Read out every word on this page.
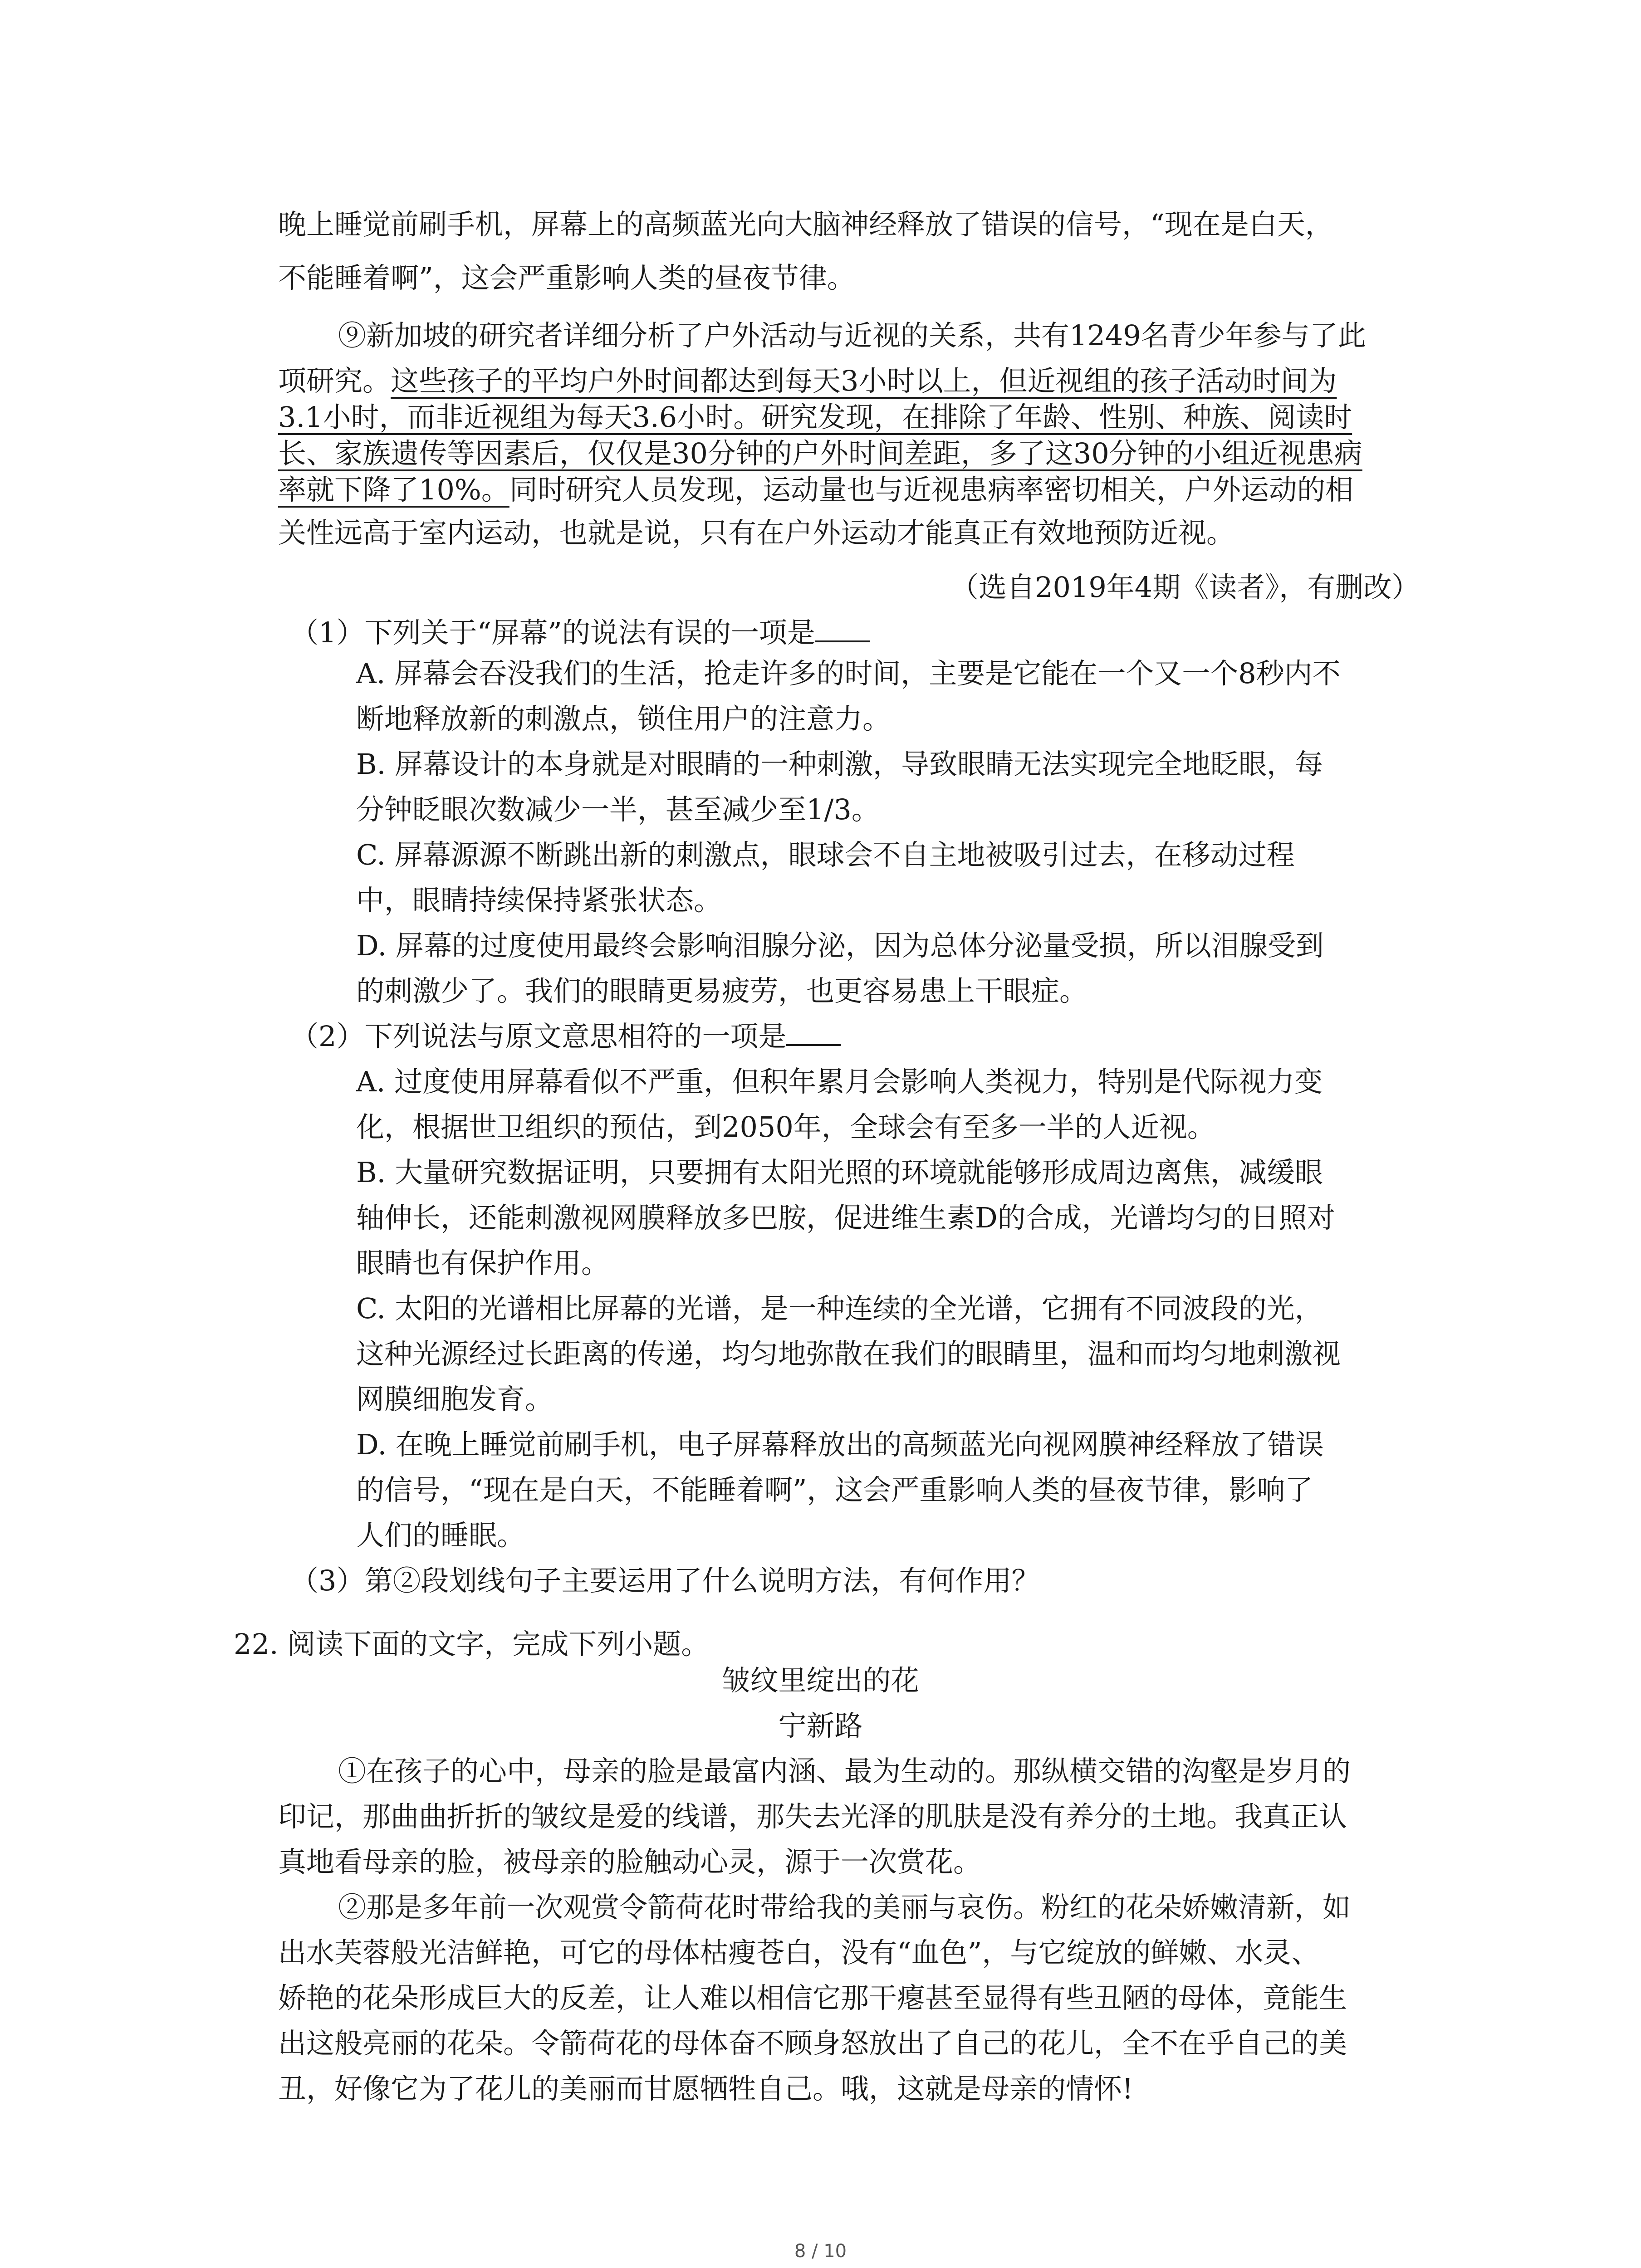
晚上睡觉前刷手机，屏幕上的高频蓝光向大脑神经释放了错误的信号，“现在是白天，
不能睡着啊”，这会严重影响人类的昼夜节律。
⑨新加坡的研究者详细分析了户外活动与近视的关系，共有1249名青少年参与了此
项研究。这些孩子的平均户外时间都达到每天3小时以上，但近视组的孩子活动时间为
3.1小时，而非近视组为每天3.6小时。研究发现，在排除了年龄、性别、种族、阅读时
长、家族遗传等因素后，仅仅是30分钟的户外时间差距，多了这30分钟的小组近视患病
率就下降了10%。同时研究人员发现，运动量也与近视患病率密切相关，户外运动的相
关性远高于室内运动，也就是说，只有在户外运动才能真正有效地预防近视。
（选自2019年4期《读者》，有删改）
（1）下列关于“屏幕”的说法有误的一项是
A. 屏幕会吞没我们的生活，抢走许多的时间，主要是它能在一个又一个8秒内不
断地释放新的刺激点，锁住用户的注意力。
B. 屏幕设计的本身就是对眼睛的一种刺激，导致眼睛无法实现完全地眨眼，每
分钟眨眼次数减少一半，甚至减少至1/3。
C. 屏幕源源不断跳出新的刺激点，眼球会不自主地被吸引过去，在移动过程
中，眼睛持续保持紧张状态。
D. 屏幕的过度使用最终会影响泪腺分泌，因为总体分泌量受损，所以泪腺受到
的刺激少了。我们的眼睛更易疲劳，也更容易患上干眼症。
（2）下列说法与原文意思相符的一项是
A. 过度使用屏幕看似不严重，但积年累月会影响人类视力，特别是代际视力变
化，根据世卫组织的预估，到2050年，全球会有至多一半的人近视。
B. 大量研究数据证明，只要拥有太阳光照的环境就能够形成周边离焦，减缓眼
轴伸长，还能刺激视网膜释放多巴胺，促进维生素D的合成，光谱均匀的日照对
眼睛也有保护作用。
C. 太阳的光谱相比屏幕的光谱，是一种连续的全光谱，它拥有不同波段的光，
这种光源经过长距离的传递，均匀地弥散在我们的眼睛里，温和而均匀地刺激视
网膜细胞发育。
D. 在晚上睡觉前刷手机，电子屏幕释放出的高频蓝光向视网膜神经释放了错误
的信号，“现在是白天，不能睡着啊”，这会严重影响人类的昼夜节律，影响了
人们的睡眠。
（3）第②段划线句子主要运用了什么说明方法，有何作用？
22. 阅读下面的文字，完成下列小题。
皱纹里绽出的花
宁新路
①在孩子的心中，母亲的脸是最富内涵、最为生动的。那纵横交错的沟壑是岁月的
印记，那曲曲折折的皱纹是爱的线谱，那失去光泽的肌肤是没有养分的土地。我真正认
真地看母亲的脸，被母亲的脸触动心灵，源于一次赏花。
②那是多年前一次观赏令箭荷花时带给我的美丽与哀伤。粉红的花朵娇嫩清新，如
出水芙蓉般光洁鲜艳，可它的母体枯瘦苍白，没有“血色”，与它绽放的鲜嫩、水灵、
娇艳的花朵形成巨大的反差，让人难以相信它那干瘪甚至显得有些丑陋的母体，竟能生
出这般亮丽的花朵。令箭荷花的母体奋不顾身怒放出了自己的花儿，全不在乎自己的美
丑，好像它为了花儿的美丽而甘愿牺牲自己。哦，这就是母亲的情怀!
8 / 10
